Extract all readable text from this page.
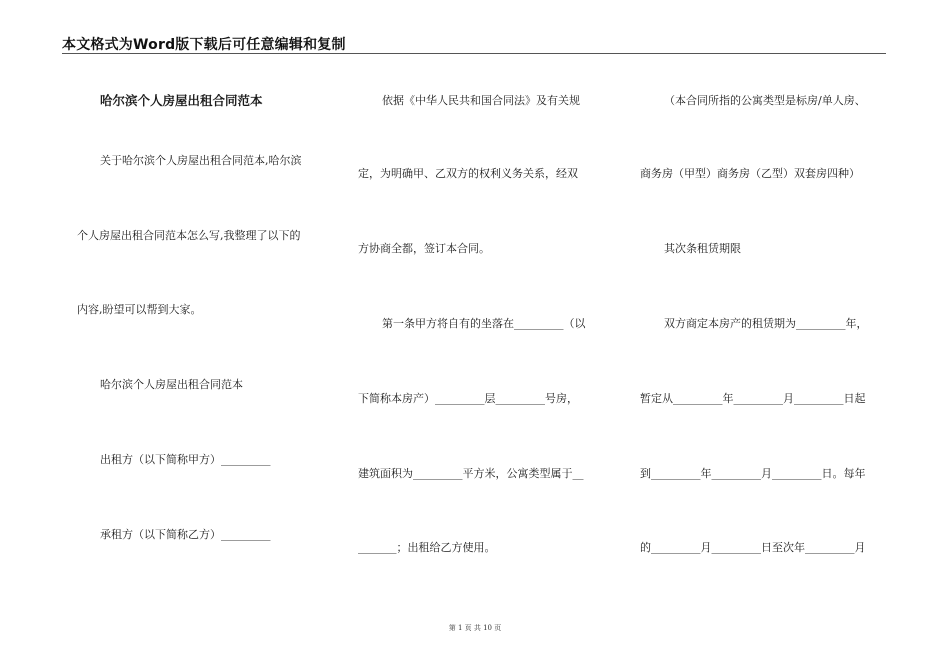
本文格式为Word版下载后可任意编辑和复制
哈尔滨个人房屋出租合同范本
关于哈尔滨个人房屋出租合同范本,哈尔滨
个人房屋出租合同范本怎么写,我整理了以下的
内容,盼望可以帮到大家。
哈尔滨个人房屋出租合同范本
出租方（以下简称甲方）_________
承租方（以下简称乙方）_________
依据《中华人民共和国合同法》及有关规
定，为明确甲、乙双方的权利义务关系，经双
方协商全都，签订本合同。
第一条甲方将自有的坐落在_________（以
下简称本房产）_________层_________号房，
建筑面积为_________平方米，公寓类型属于__
_______；出租给乙方使用。
（本合同所指的公寓类型是标房/单人房、
商务房（甲型）商务房（乙型）双套房四种）
其次条租赁期限
双方商定本房产的租赁期为_________年，
暂定从_________年_________月_________日起
到_________年_________月_________日。每年
的_________月_________日至次年_________月
第 1 页 共 10 页
